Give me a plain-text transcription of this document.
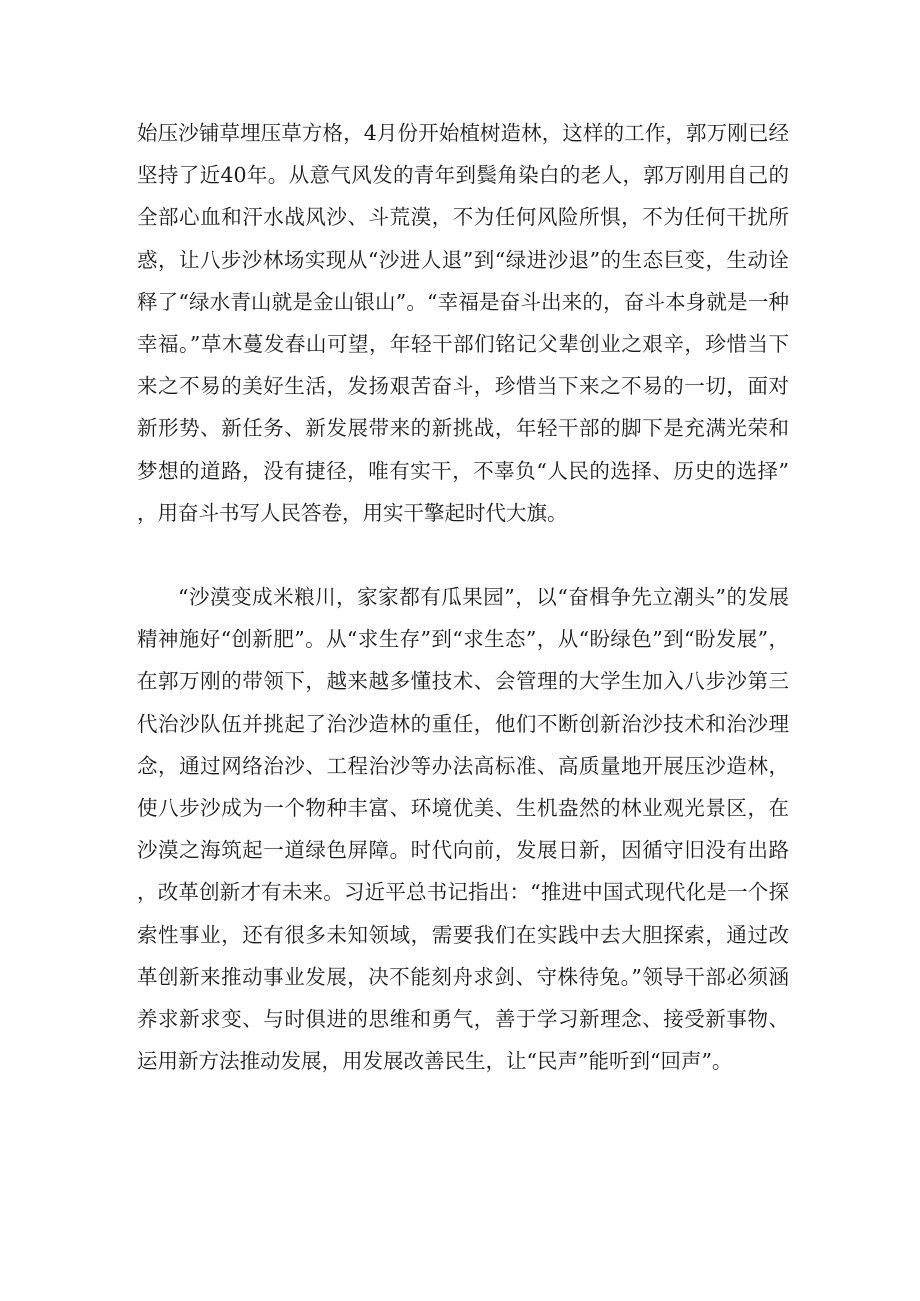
始压沙铺草埋压草方格，4月份开始植树造林，这样的工作，郭万刚已经坚持了近40年。从意气风发的青年到鬓角染白的老人，郭万刚用自己的全部心血和汗水战风沙、斗荒漠，不为任何风险所惧，不为任何干扰所惑，让八步沙林场实现从“沙进人退”到“绿进沙退”的生态巨变，生动诠释了“绿水青山就是金山银山”。“幸福是奋斗出来的，奋斗本身就是一种幸福。”草木蔓发春山可望，年轻干部们铭记父辈创业之艰辛，珍惜当下来之不易的美好生活，发扬艰苦奋斗，珍惜当下来之不易的一切，面对新形势、新任务、新发展带来的新挑战，年轻干部的脚下是充满光荣和梦想的道路，没有捷径，唯有实干，不辜负“人民的选择、历史的选择”，用奋斗书写人民答卷，用实干擎起时代大旗。
“沙漠变成米粮川，家家都有瓜果园”，以“奋楫争先立潮头”的发展精神施好“创新肥”。从“求生存”到“求生态”，从“盼绿色”到“盼发展”，在郭万刚的带领下，越来越多懂技术、会管理的大学生加入八步沙第三代治沙队伍并挑起了治沙造林的重任，他们不断创新治沙技术和治沙理念，通过网络治沙、工程治沙等办法高标准、高质量地开展压沙造林，使八步沙成为一个物种丰富、环境优美、生机盎然的林业观光景区，在沙漠之海筑起一道绿色屏障。时代向前，发展日新，因循守旧没有出路，改革创新才有未来。习近平总书记指出：“推进中国式现代化是一个探索性事业，还有很多未知领域，需要我们在实践中去大胆探索，通过改革创新来推动事业发展，决不能刻舟求剑、守株待兔。”领导干部必须涵养求新求变、与时俱进的思维和勇气，善于学习新理念、接受新事物、运用新方法推动发展，用发展改善民生，让“民声”能听到“回声”。
